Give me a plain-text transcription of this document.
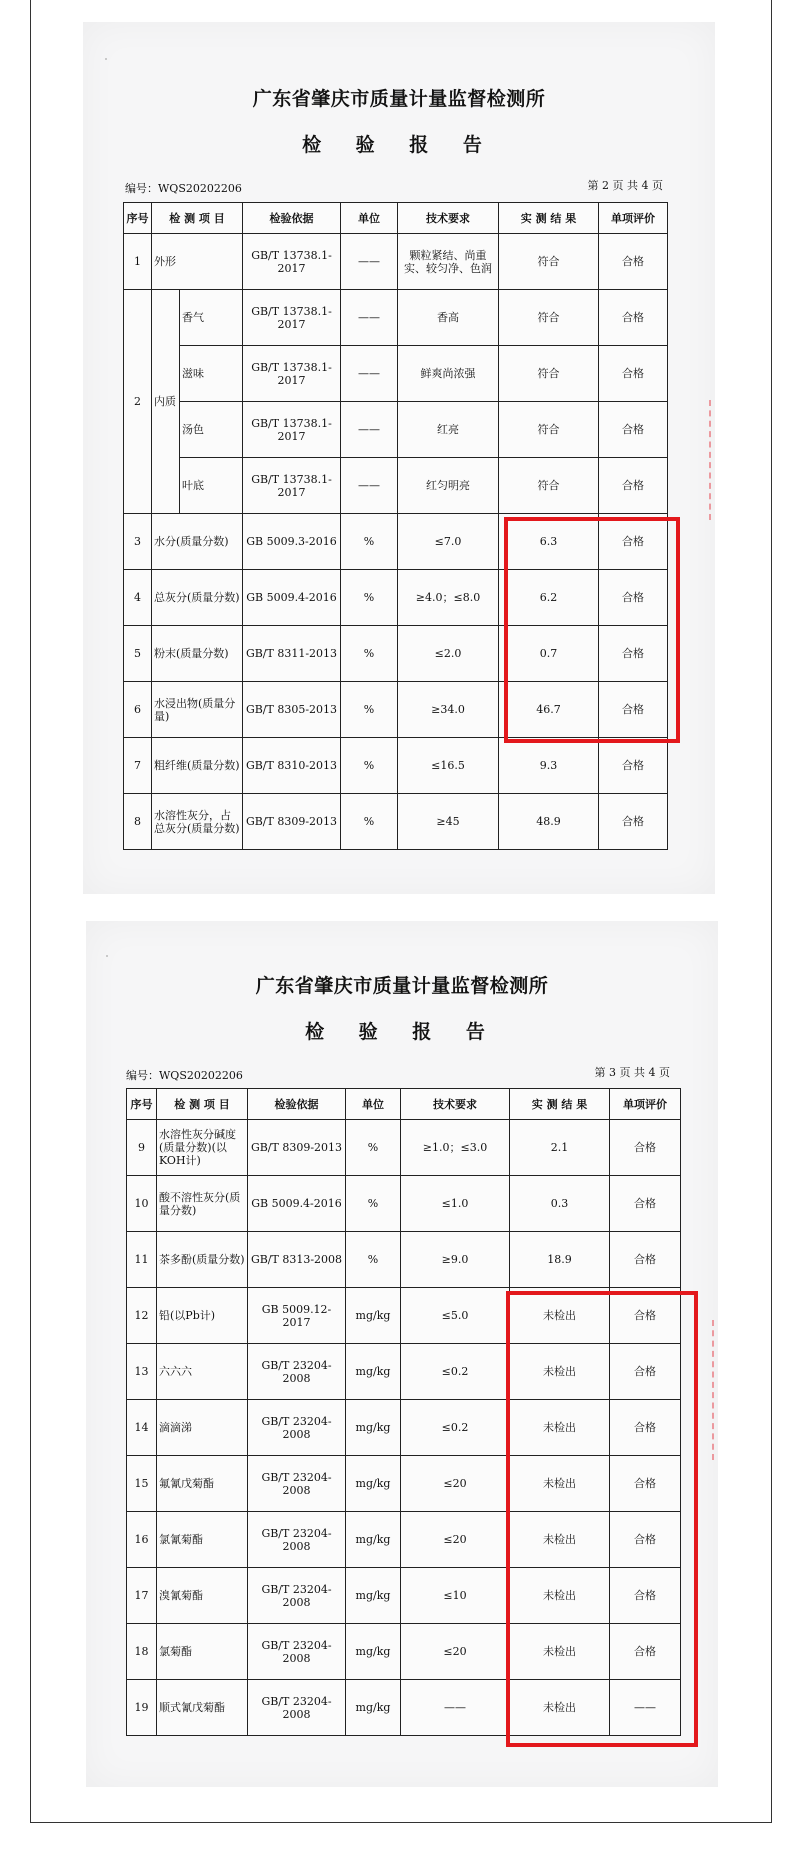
广东省肇庆市质量计量监督检测所
检 验 报 告
编号：WQS20202206	第 2 页 共 4 页
序号	检 测 项 目		检验依据	单位	技术要求	实 测 结 果	单项评价
1	外形		GB/T 13738.1-2017	——	颗粒紧结、尚重实、较匀净、色润	符合	合格
2	内质	香气	GB/T 13738.1-2017	——	香高	符合	合格
		滋味	GB/T 13738.1-2017	——	鲜爽尚浓强	符合	合格
		汤色	GB/T 13738.1-2017	——	红亮	符合	合格
		叶底	GB/T 13738.1-2017	——	红匀明亮	符合	合格
3	水分(质量分数)		GB 5009.3-2016	%	≤7.0	6.3	合格
4	总灰分(质量分数)		GB 5009.4-2016	%	≥4.0；≤8.0	6.2	合格
5	粉末(质量分数)		GB/T 8311-2013	%	≤2.0	0.7	合格
6	水浸出物(质量分量)		GB/T 8305-2013	%	≥34.0	46.7	合格
7	粗纤维(质量分数)		GB/T 8310-2013	%	≤16.5	9.3	合格
8	水溶性灰分，占总灰分(质量分数)		GB/T 8309-2013	%	≥45	48.9	合格
广东省肇庆市质量计量监督检测所
检 验 报 告
编号：WQS20202206	第 3 页 共 4 页
序号	检 测 项 目	检验依据	单位	技术要求	实 测 结 果	单项评价
9	水溶性灰分碱度(质量分数)(以KOH计)	GB/T 8309-2013	%	≥1.0；≤3.0	2.1	合格
10	酸不溶性灰分(质量分数)	GB 5009.4-2016	%	≤1.0	0.3	合格
11	茶多酚(质量分数)	GB/T 8313-2008	%	≥9.0	18.9	合格
12	铅(以Pb计)	GB 5009.12-2017	mg/kg	≤5.0	未检出	合格
13	六六六	GB/T 23204-2008	mg/kg	≤0.2	未检出	合格
14	滴滴涕	GB/T 23204-2008	mg/kg	≤0.2	未检出	合格
15	氟氰戊菊酯	GB/T 23204-2008	mg/kg	≤20	未检出	合格
16	氯氰菊酯	GB/T 23204-2008	mg/kg	≤20	未检出	合格
17	溴氰菊酯	GB/T 23204-2008	mg/kg	≤10	未检出	合格
18	氯菊酯	GB/T 23204-2008	mg/kg	≤20	未检出	合格
19	顺式氰戊菊酯	GB/T 23204-2008	mg/kg	——	未检出	——
